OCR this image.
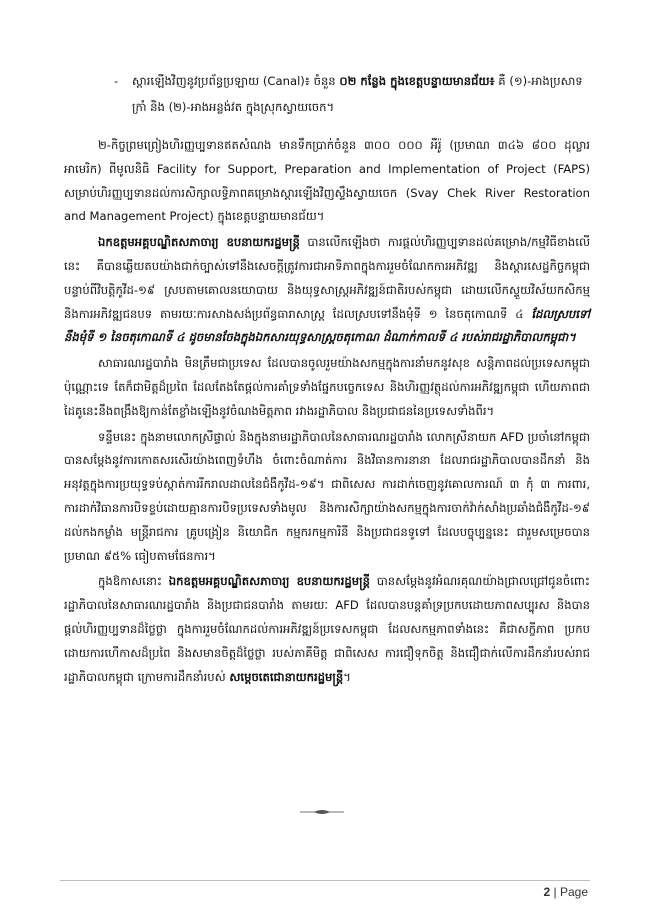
-	ស្តារឡើងវិញនូវប្រព័ន្ធប្រឡាយ (Canal)៖ ចំនួន ០២ កន្លែង ក្នុងខេត្តបន្ទាយមានជ័យ៖ គឺ (១)-អាងប្រសាទក្រាំ និង (២)-អាងអន្លង់វត ក្នុងស្រុកស្វាយចេក។

២-កិច្ចព្រមព្រៀងហិរញ្ញប្បទានឥតសំណង មានទឹកប្រាក់ចំនួន ៣០០ ០០០ អឺរ៉ូ (ប្រមាណ ៣៤៦ ៨០០ ដុល្លារអាមេរិក) ពីមូលនិធិ Facility for Support, Preparation and Implementation of Project (FAPS) សម្រាប់ហិរញ្ញប្បទានដល់ការសិក្សាលទ្ធិភាពគម្រោងស្តារឡើងវិញស្ទឹងស្វាយចេក (Svay Chek River Restoration and Management Project) ក្នុងខេត្តបន្ទាយមានជ័យ។

ឯកឧត្តមអគ្គបណ្ឌិតសភាចារ្យ ឧបនាយករដ្ឋមន្ត្រី បានលើកឡើងថា ការផ្តល់ហិរញ្ញប្បទានដល់គម្រោង/កម្មវិធីខាងលើនេះ គឺបានឆ្លើយតបយ៉ាងជាក់ច្បាស់ទៅនឹងសេចក្តីត្រូវការជាអាទិភាពក្នុងការរួមចំណែកការអភិវឌ្ឍ និងស្តារសេដ្ឋកិច្ចកម្ពុជាបន្ទាប់ពីវិបត្តិកូវីដ-១៩ ស្របតាមគោលនយោបាយ និងយុទ្ធសាស្ត្រអភិវឌ្ឍន៍ជាតិរបស់កម្ពុជា ដោយលើកស្ទួយវិស័យកសិកម្ម និងការអភិវឌ្ឍជនបទ តាមរយៈការសាងសង់ប្រព័ន្ធធារាសាស្ត្រ ដែលស្របទៅនឹងមុំទី ១ នៃចតុកោណទី ៤ ដែលស្របទៅនឹងមុំទី ១ នៃចតុកោណទី ៤ ដូចមានចែងក្នុងឯកសារយុទ្ធសាស្ត្រចតុកោណ ដំណាក់កាលទី ៤ របស់រាជរដ្ឋាភិបាលកម្ពុជា។

សាធារណរដ្ឋបារាំង មិនត្រឹមជាប្រទេស ដែលបានចូលរួមយ៉ាងសកម្មក្នុងការនាំមកនូវសុខ សន្តិភាពដល់ប្រទេសកម្ពុជាប៉ុណ្ណោះទេ តែក៏ជាមិត្តដ៏ប្រពៃ ដែលតែងតែផ្តល់ការគាំទ្រទាំងផ្នែកបច្ចេកទេស និងហិរញ្ញវត្ថុដល់ការអភិវឌ្ឍកម្ពុជា ហើយភាពជាដៃគូនេះនឹងពង្រឹងឱ្យកាន់តែខ្លាំងឡើងនូវចំណងមិត្តភាព រវាងរដ្ឋាភិបាល និងប្រជាជននៃប្រទេសទាំងពីរ។

ទន្ទឹមនេះ ក្នុងនាមលោកស្រីផ្ទាល់ និងក្នុងនាមរដ្ឋាភិបាលនៃសាធារណរដ្ឋបារាំង លោកស្រីនាយក AFD ប្រចាំនៅកម្ពុជា បានសម្តែងនូវការកោតសរសើរយ៉ាងពេញទំហឹង ចំពោះចំណាត់ការ និងវិធានការនានា ដែលរាជរដ្ឋាភិបាលបានដឹកនាំ និងអនុវត្តក្នុងការប្រយុទ្ធទប់ស្កាត់ការរីករាលដាលនៃជំងឺកូវីដ-១៩។ ជាពិសេស ការដាក់ចេញនូវគោលការណ៍ ៣ កុំ ៣ ការពារ, ការដាក់វិធានការបិទខ្ទប់ដោយគ្មានការបិទប្រទេសទាំងមូល និងការសិក្សាយ៉ាងសកម្មក្នុងការចាក់វ៉ាក់សាំងប្រឆាំងជំងឺកូវីដ-១៩ ដល់កងកម្លាំង មន្ត្រីរាជការ គ្រូបង្រៀន និយោជិក កម្មករកម្មការិនី និងប្រជាជនទូទៅ ដែលបច្ចុប្បន្ននេះ ជារួមសម្រេចបានប្រមាណ ៩៥% ធៀបតាមផែនការ។

ក្នុងឱកាសនោះ ឯកឧត្តមអគ្គបណ្ឌិតសភាចារ្យ ឧបនាយករដ្ឋមន្ត្រី បានសម្តែងនូវអំណរគុណយ៉ាងជ្រាលជ្រៅជូនចំពោះរដ្ឋាភិបាលនៃសាធារណរដ្ឋបារាំង និងប្រជាជនបារាំង តាមរយៈ AFD ដែលបានបន្តគាំទ្រប្រកបដោយភាពសប្បុរស និងបានផ្តល់ហិរញ្ញប្បទានដ៏ថ្លៃថ្លា ក្នុងការរួមចំណែកដល់ការអភិវឌ្ឍន៍ប្រទេសកម្ពុជា ដែលសកម្មភាពទាំងនេះ គឺជាសក្ខីភាព ប្រកបដោយការហើកាសដ៏ប្រពៃ និងសមានចិត្តដ៏ថ្លៃថ្លា របស់ភាគីមិត្ត ជាពិសេស ការជឿទុកចិត្ត និងជឿជាក់លើការដឹកនាំរបស់រាជរដ្ឋាភិបាលកម្ពុជា ក្រោមការដឹកនាំរបស់ សម្តេចតេជោនាយករដ្ឋមន្ត្រី។

2 | Page
